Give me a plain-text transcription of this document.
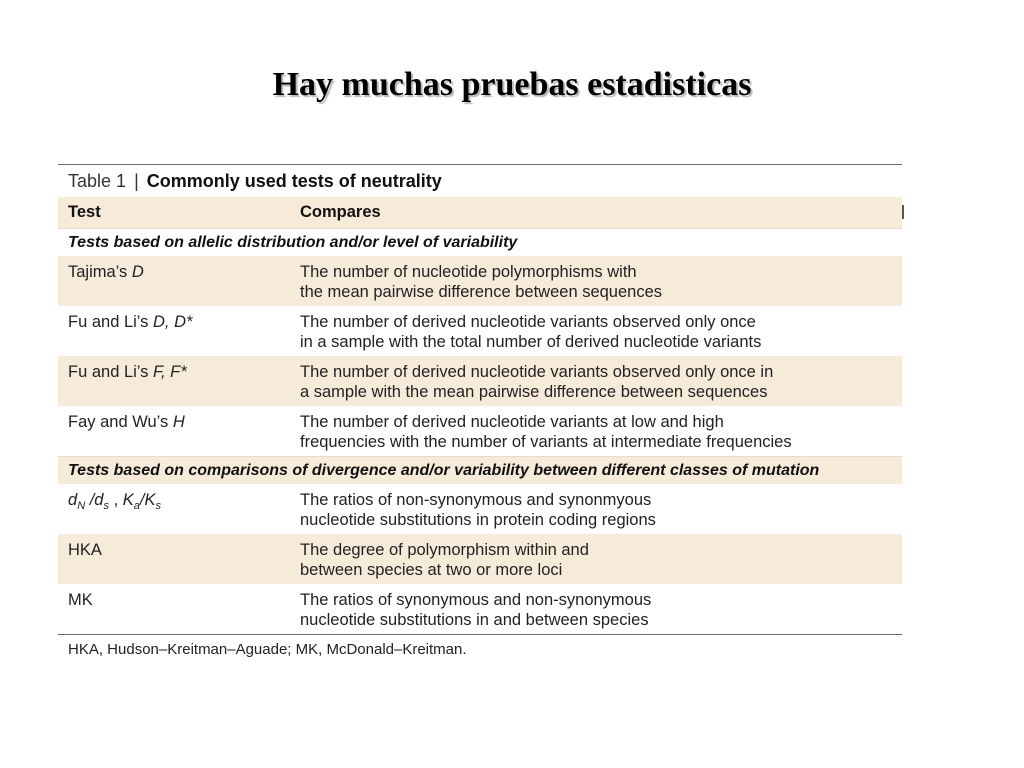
Hay muchas pruebas estadisticas
Table 1 | Commonly used tests of neutrality
Test	Compares
Tests based on allelic distribution and/or level of variability
Tajima’s D	The number of nucleotide polymorphisms with
the mean pairwise difference between sequences
Fu and Li’s D, D*	The number of derived nucleotide variants observed only once
in a sample with the total number of derived nucleotide variants
Fu and Li’s F, F*	The number of derived nucleotide variants observed only once in
a sample with the mean pairwise difference between sequences
Fay and Wu’s H	The number of derived nucleotide variants at low and high
frequencies with the number of variants at intermediate frequencies
Tests based on comparisons of divergence and/or variability between different classes of mutation
$d_N$ $/d_s$ , $K_a/K_s$	The ratios of non-synonymous and synonmyous
nucleotide substitutions in protein coding regions
HKA	The degree of polymorphism within and
between species at two or more loci
MK	The ratios of synonymous and non-synonymous
nucleotide substitutions in and between species
HKA, Hudson–Kreitman–Aguade; MK, McDonald–Kreitman.
